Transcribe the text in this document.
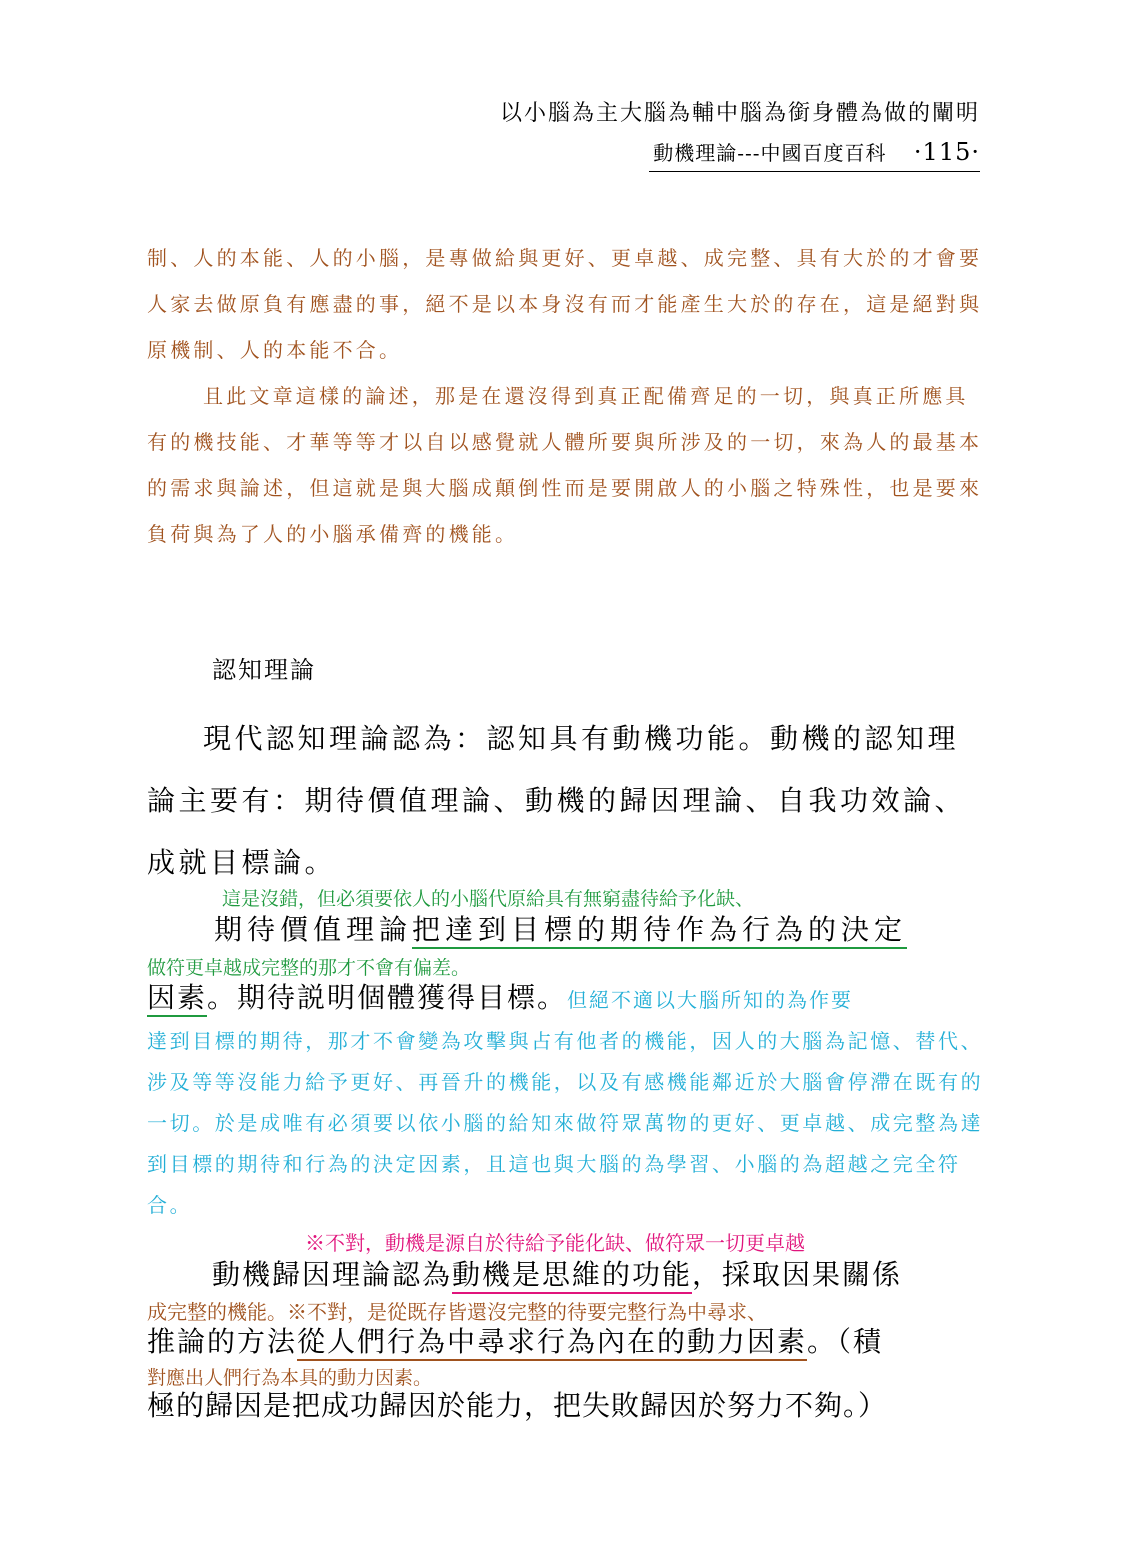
以小腦為主大腦為輔中腦為銜身體為做的闡明
動機理論---中國百度百科 ·115·

制、人的本能、人的小腦，是專做給與更好、更卓越、成完整、具有大於的才會要人家去做原負有應盡的事，絕不是以本身沒有而才能產生大於的存在，這是絕對與原機制、人的本能不合。

且此文章這樣的論述，那是在還沒得到真正配備齊足的一切，與真正所應具有的機技能、才華等等才以自以感覺就人體所要與所涉及的一切，來為人的最基本的需求與論述，但這就是與大腦成顛倒性而是要開啟人的小腦之特殊性，也是要來負荷與為了人的小腦承備齊的機能。

認知理論

現代認知理論認為：認知具有動機功能。動機的認知理論主要有：期待價值理論、動機的歸因理論、自我功效論、成就目標論。

這是沒錯，但必須要依人的小腦代原給具有無窮盡待給予化缺、
期待價值理論把達到目標的期待作為行為的決定
做符更卓越成完整的那才不會有偏差。
因素。期待説明個體獲得目標。但絕不適以大腦所知的為作要
達到目標的期待，那才不會變為攻擊與占有他者的機能，因人的大腦為記憶、替代、涉及等等沒能力給予更好、再晉升的機能，以及有感機能鄰近於大腦會停滯在既有的一切。於是成唯有必須要以依小腦的給知來做符眾萬物的更好、更卓越、成完整為達到目標的期待和行為的決定因素，且這也與大腦的為學習、小腦的為超越之完全符合。
※不對，動機是源自於待給予能化缺、做符眾一切更卓越
動機歸因理論認為動機是思維的功能，採取因果關係
成完整的機能。※不對，是從既存皆還沒完整的待要完整行為中尋求、
推論的方法從人們行為中尋求行為內在的動力因素。（積
對應出人們行為本具的動力因素。
極的歸因是把成功歸因於能力，把失敗歸因於努力不夠。）
